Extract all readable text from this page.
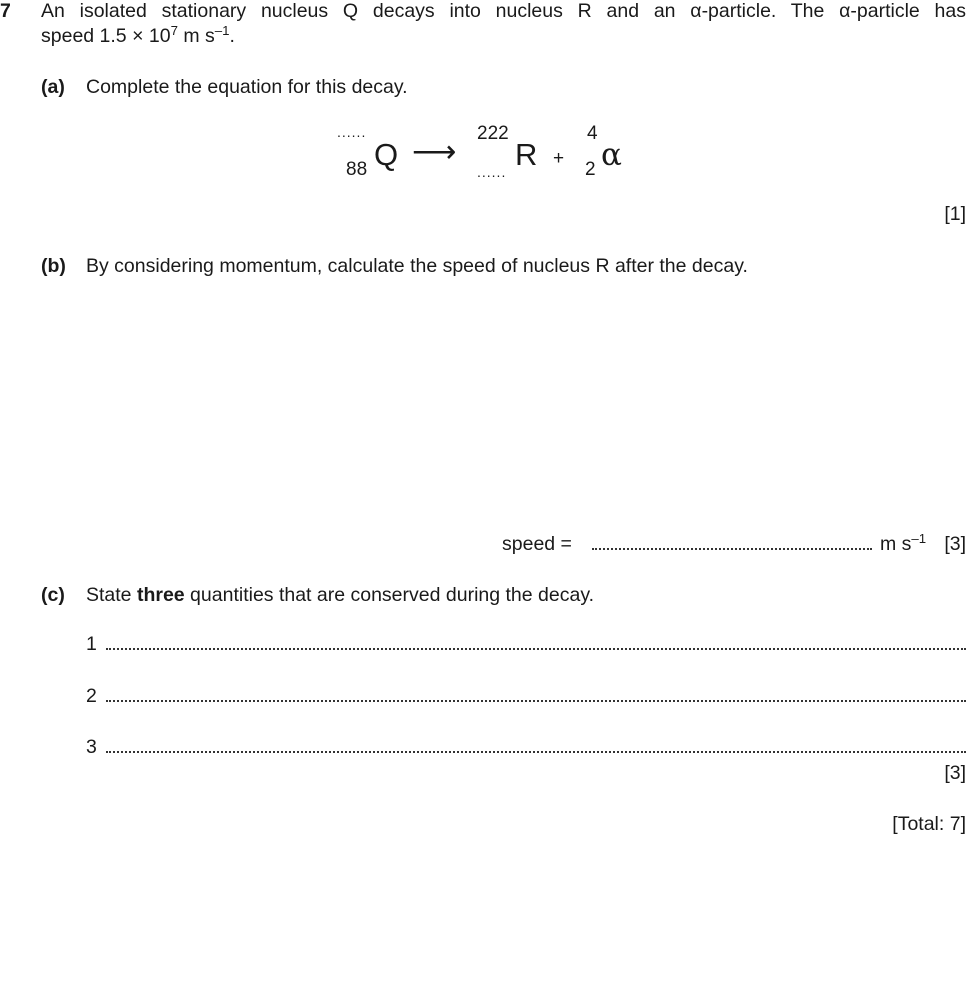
7 An isolated stationary nucleus Q decays into nucleus R and an α-particle. The α-particle has
speed $1.5 \times 10^7$ m $s^{-1}$.
(a) Complete the equation for this decay.
......
88 Q ⟶
222
...... R +
4
2 α
[1]
(b) By considering momentum, calculate the speed of nucleus R after the decay.
speed =	m $s^{-1}$ [3]
(c) State three quantities that are conserved during the decay.
1
2
3
[3]
[Total: 7]
